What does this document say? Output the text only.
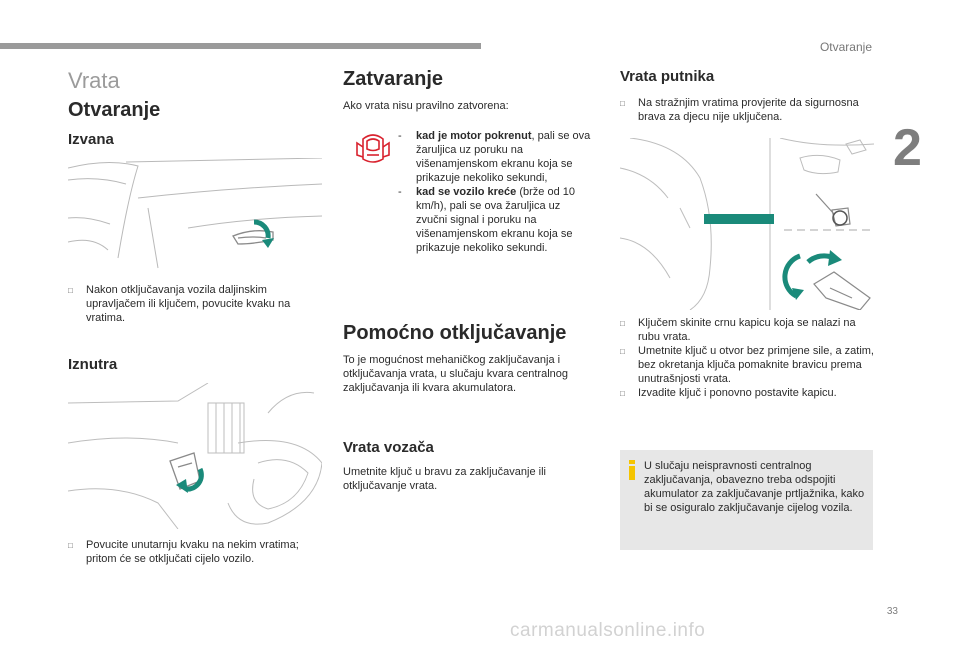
Otvaranje
2
33
carmanualsonline.info
Vrata
Otvaranje
Izvana
□	Nakon otključavanja vozila daljinskim upravljačem ili ključem, povucite kvaku na vratima.
Iznutra
□	Povucite unutarnju kvaku na nekim vratima; pritom će se otključati cijelo vozilo.
Zatvaranje
Ako vrata nisu pravilno zatvorena:
-	kad je motor pokrenut, pali se ova žaruljica uz poruku na višenamjenskom ekranu koja se prikazuje nekoliko sekundi,
-	kad se vozilo kreće (brže od 10 km/h), pali se ova žaruljica uz zvučni signal i poruku na višenamjenskom ekranu koja se prikazuje nekoliko sekundi.
Pomoćno otključavanje
To je mogućnost mehaničkog zaključavanja i otključavanja vrata, u slučaju kvara centralnog zaključavanja ili kvara akumulatora.
Vrata vozača
Umetnite ključ u bravu za zaključavanje ili otključavanje vrata.
Vrata putnika
□	Na stražnjim vratima provjerite da sigurnosna brava za djecu nije uključena.
□	Ključem skinite crnu kapicu koja se nalazi na rubu vrata.
□	Umetnite ključ u otvor bez primjene sile, a zatim, bez okretanja ključa pomaknite bravicu prema unutrašnjosti vrata.
□	Izvadite ključ i ponovno postavite kapicu.
U slučaju neispravnosti centralnog zaključavanja, obavezno treba odspojiti akumulator za zaključavanje prtljažnika, kako bi se osiguralo zaključavanje cijelog vozila.
